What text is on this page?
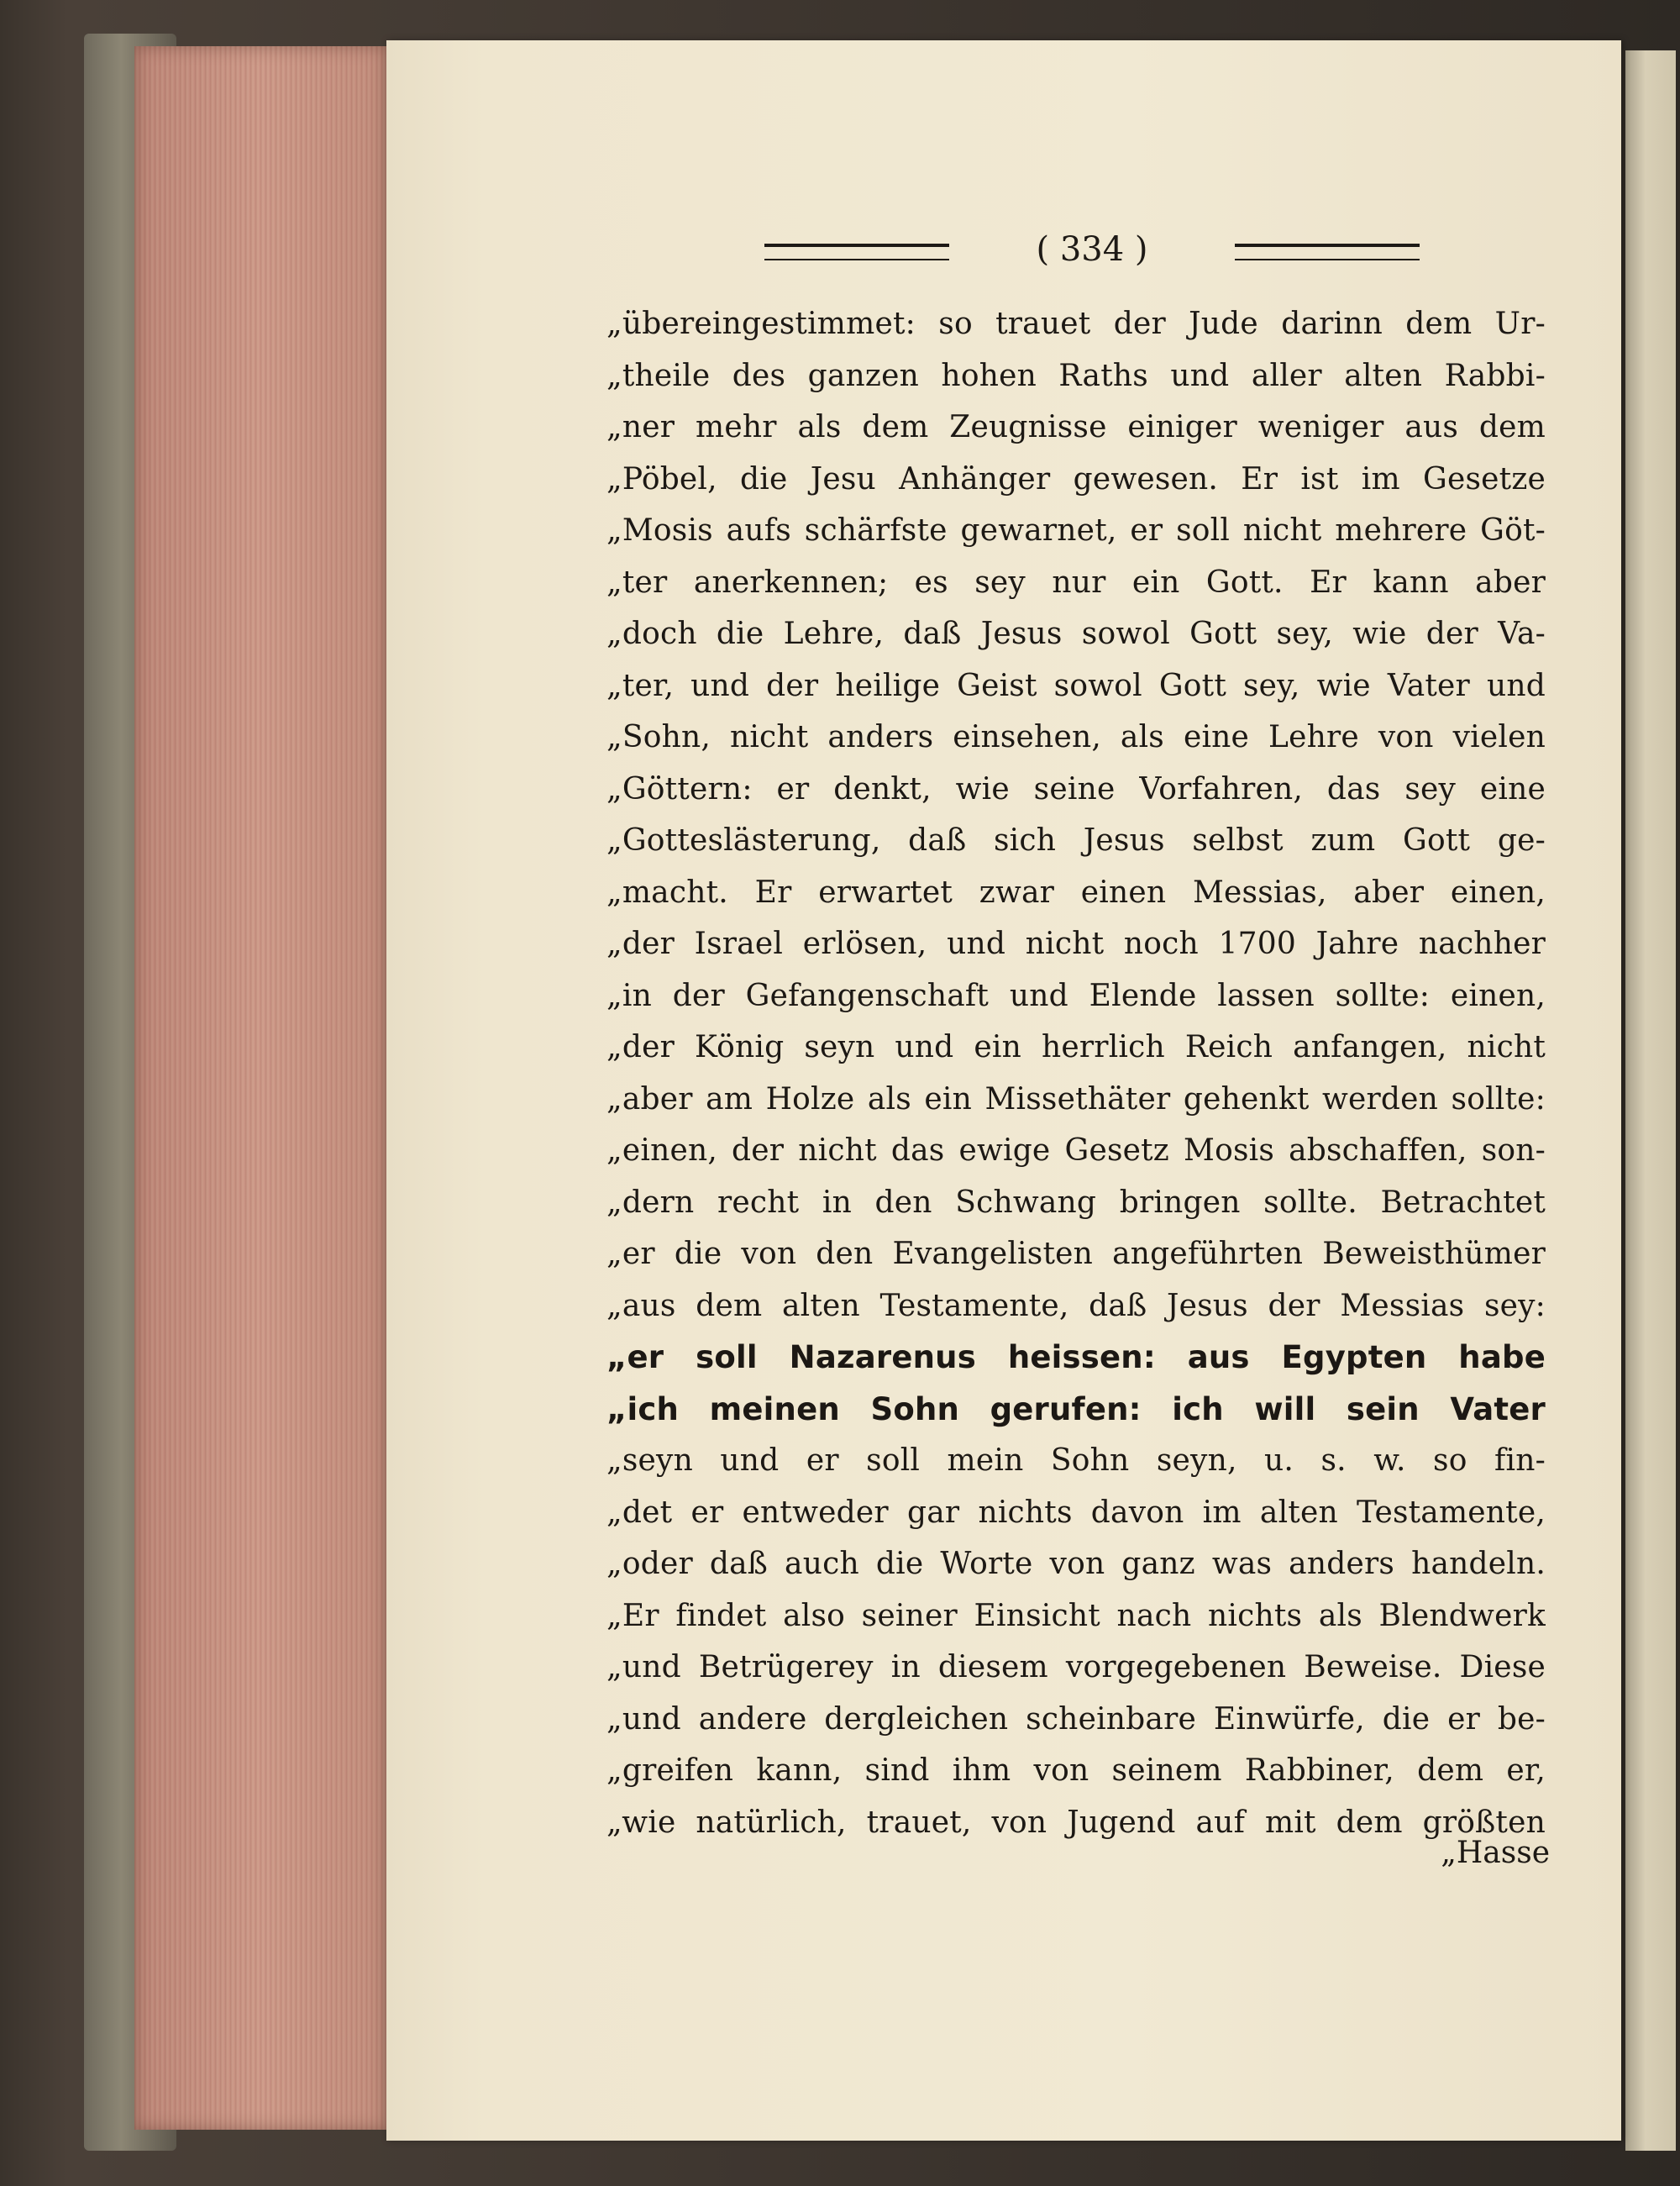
( 334 )
„übereingestimmet: so trauet der Jude darinn dem Ur-
„theile des ganzen hohen Raths und aller alten Rabbi-
„ner mehr als dem Zeugnisse einiger weniger aus dem
„Pöbel, die Jesu Anhänger gewesen. Er ist im Gesetze
„Mosis aufs schärfste gewarnet, er soll nicht mehrere Göt-
„ter anerkennen; es sey nur ein Gott. Er kann aber
„doch die Lehre, daß Jesus sowol Gott sey, wie der Va-
„ter, und der heilige Geist sowol Gott sey, wie Vater und
„Sohn, nicht anders einsehen, als eine Lehre von vielen
„Göttern: er denkt, wie seine Vorfahren, das sey eine
„Gotteslästerung, daß sich Jesus selbst zum Gott ge-
„macht. Er erwartet zwar einen Messias, aber einen,
„der Israel erlösen, und nicht noch 1700 Jahre nachher
„in der Gefangenschaft und Elende lassen sollte: einen,
„der König seyn und ein herrlich Reich anfangen, nicht
„aber am Holze als ein Missethäter gehenkt werden sollte:
„einen, der nicht das ewige Gesetz Mosis abschaffen, son-
„dern recht in den Schwang bringen sollte. Betrachtet
„er die von den Evangelisten angeführten Beweisthümer
„aus dem alten Testamente, daß Jesus der Messias sey:
„er soll Nazarenus heissen: aus Egypten habe
„ich meinen Sohn gerufen: ich will sein Vater
„seyn und er soll mein Sohn seyn, u. s. w. so fin-
„det er entweder gar nichts davon im alten Testamente,
„oder daß auch die Worte von ganz was anders handeln.
„Er findet also seiner Einsicht nach nichts als Blendwerk
„und Betrügerey in diesem vorgegebenen Beweise. Diese
„und andere dergleichen scheinbare Einwürfe, die er be-
„greifen kann, sind ihm von seinem Rabbiner, dem er,
„wie natürlich, trauet, von Jugend auf mit dem größten
„Hasse
